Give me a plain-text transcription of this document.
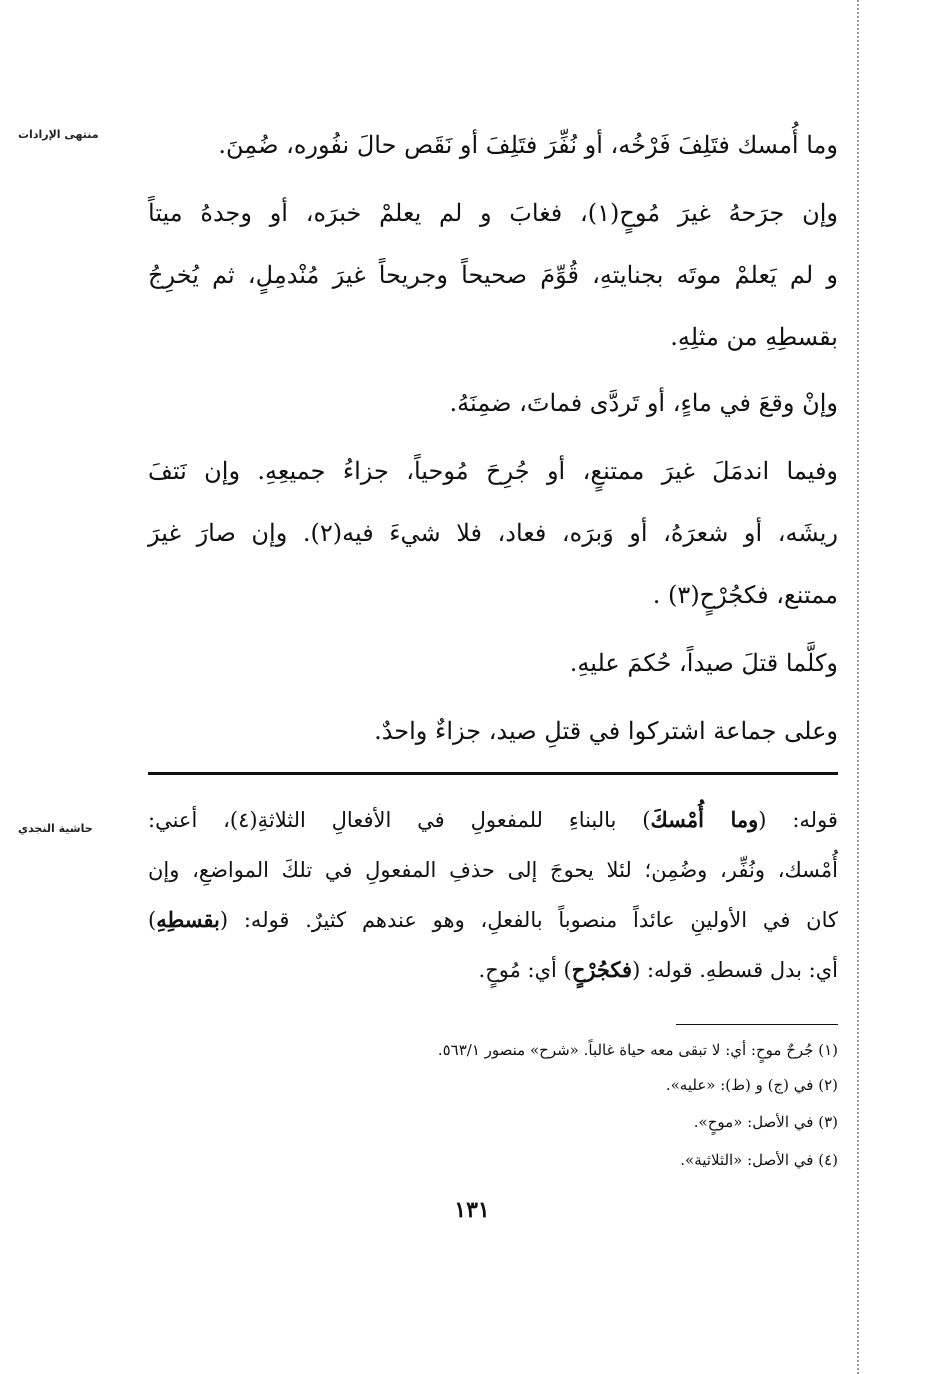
منتهى الإرادات
حاشية النجدي
وما أُمسك فتَلِفَ فَرْخُه، أو نُفِّرَ فتَلِفَ أو نَقَص حالَ نفُوره، ضُمِنَ.
وإن جرَحهُ غيرَ مُوحٍ(١)، فغابَ و لم يعلمْ خبرَه، أو وجدهُ ميتاً
و لم يَعلمْ موتَه بجنايتهِ، قُوِّمَ صحيحاً وجريحاً غيرَ مُنْدمِلٍ، ثم يُخرِجُ
بقسطِهِ من مثلِهِ.
وإنْ وقعَ في ماءٍ، أو تَردَّى فماتَ، ضمِنَهُ.
وفيما اندمَلَ غيرَ ممتنعٍ، أو جُرِحَ مُوحياً، جزاءُ جميعِهِ. وإن نَتفَ
ريشَه، أو شعرَهُ، أو وَبرَه، فعاد، فلا شيءَ فيه(٢). وإن صارَ غيرَ
ممتنع، فكجُرْحٍ(٣) .
وكلَّما قتلَ صيداً، حُكمَ عليهِ.
وعلى جماعة اشتركوا في قتلِ صيد، جزاءٌ واحدٌ.
قوله: (وما أُمْسكَ) بالبناءِ للمفعولِ في الأفعالِ الثلاثةِ(٤)، أعني:
أُمْسك، ونُفِّر، وضُمِن؛ لئلا يحوجَ إلى حذفِ المفعولِ في تلكَ المواضعِ، وإن
كان في الأولينِ عائداً منصوباً بالفعلِ، وهو عندهم كثيرٌ. قوله: (بقسطِهِ)
أي: بدل قسطهِ. قوله: (فكجُرْحٍ) أي: مُوحٍ.
(١) جُرحٌ موحٍ: أي: لا تبقى معه حياة غالباً. «شرح» منصور ٥٦٣/١.
(٢) في (ج) و (ط): «عليه».
(٣) في الأصل: «موحٍ».
(٤) في الأصل: «الثلاثية».
١٣١
